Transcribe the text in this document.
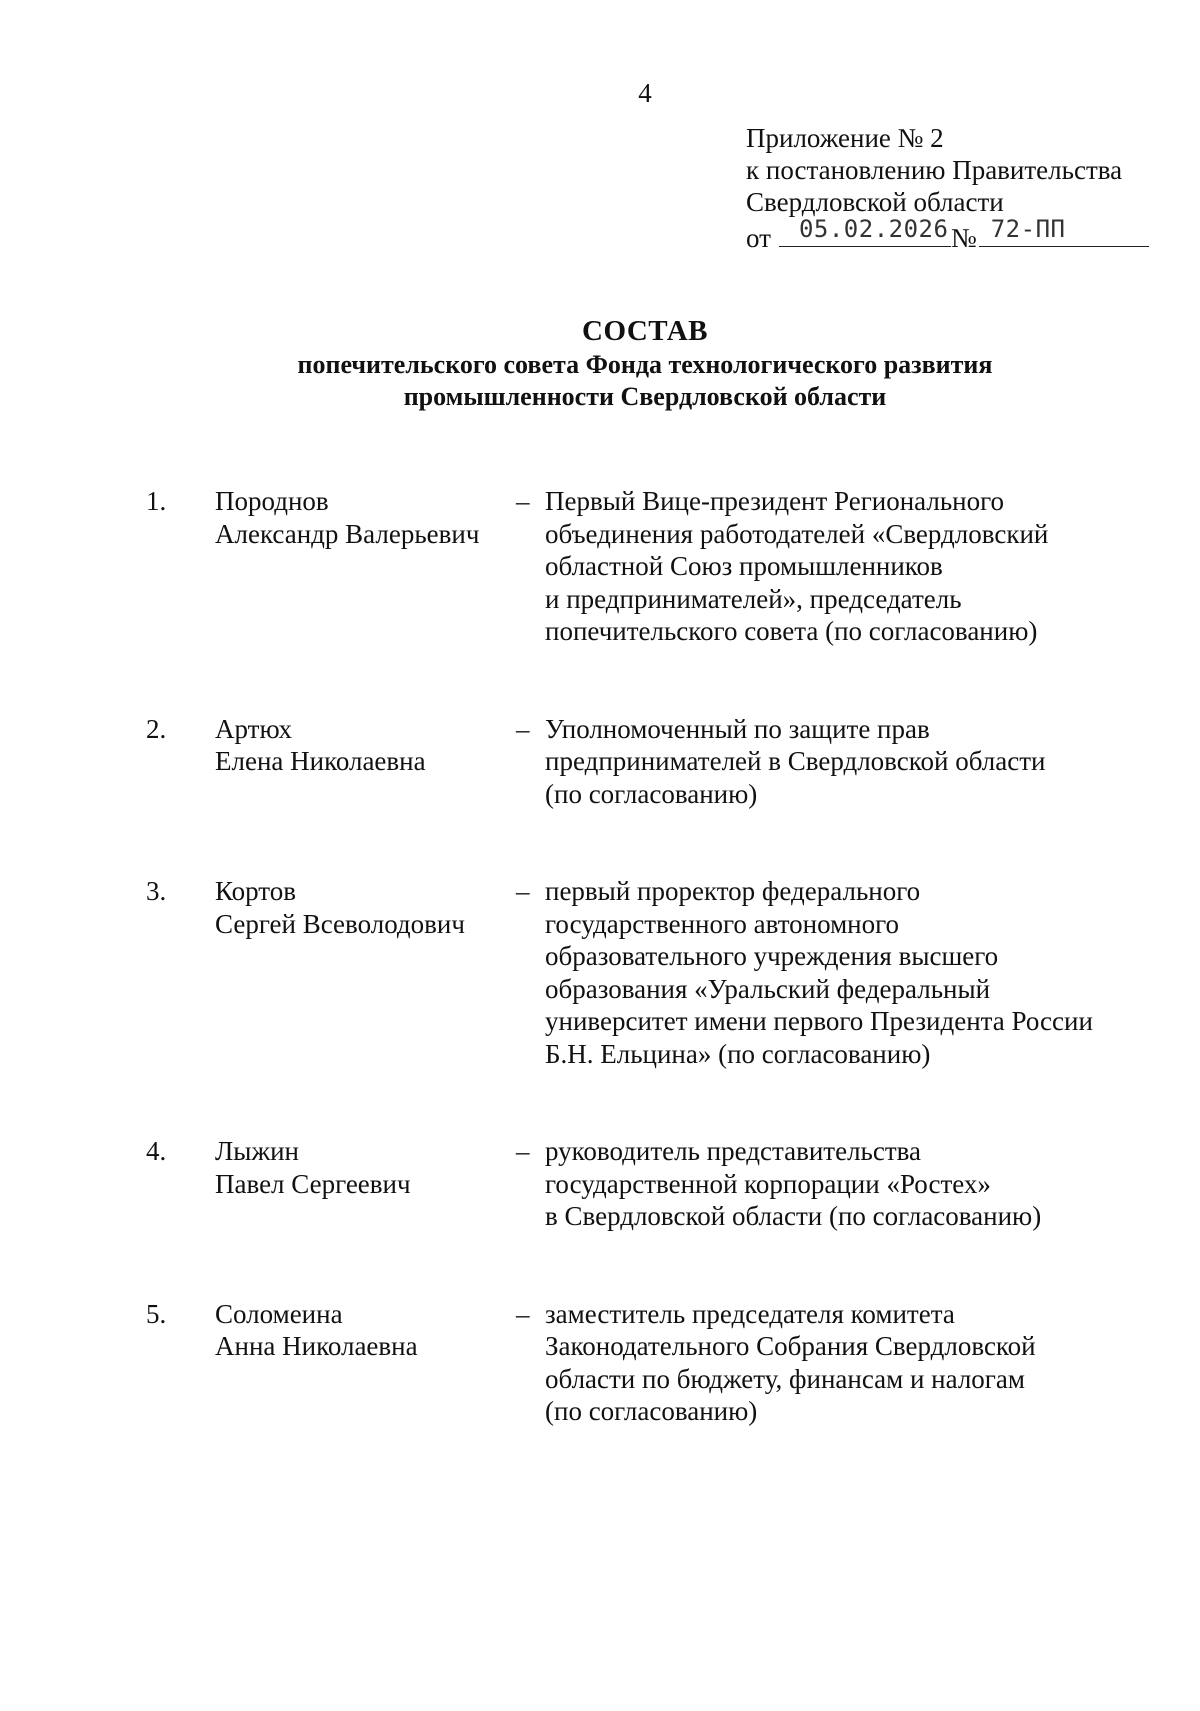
4
Приложение № 2
к постановлению Правительства
Свердловской области
от 05.02.2026 № 72-ПП
СОСТАВ
попечительского совета Фонда технологического развития
промышленности Свердловской области
1. Породнов
Александр Валерьевич
– Первый Вице-президент Регионального
объединения работодателей «Свердловский
областной Союз промышленников
и предпринимателей», председатель
попечительского совета (по согласованию)
2. Артюх
Елена Николаевна
– Уполномоченный по защите прав
предпринимателей в Свердловской области
(по согласованию)
3. Кортов
Сергей Всеволодович
– первый проректор федерального
государственного автономного
образовательного учреждения высшего
образования «Уральский федеральный
университет имени первого Президента России
Б.Н. Ельцина» (по согласованию)
4. Лыжин
Павел Сергеевич
– руководитель представительства
государственной корпорации «Ростех»
в Свердловской области (по согласованию)
5. Соломеина
Анна Николаевна
– заместитель председателя комитета
Законодательного Собрания Свердловской
области по бюджету, финансам и налогам
(по согласованию)
